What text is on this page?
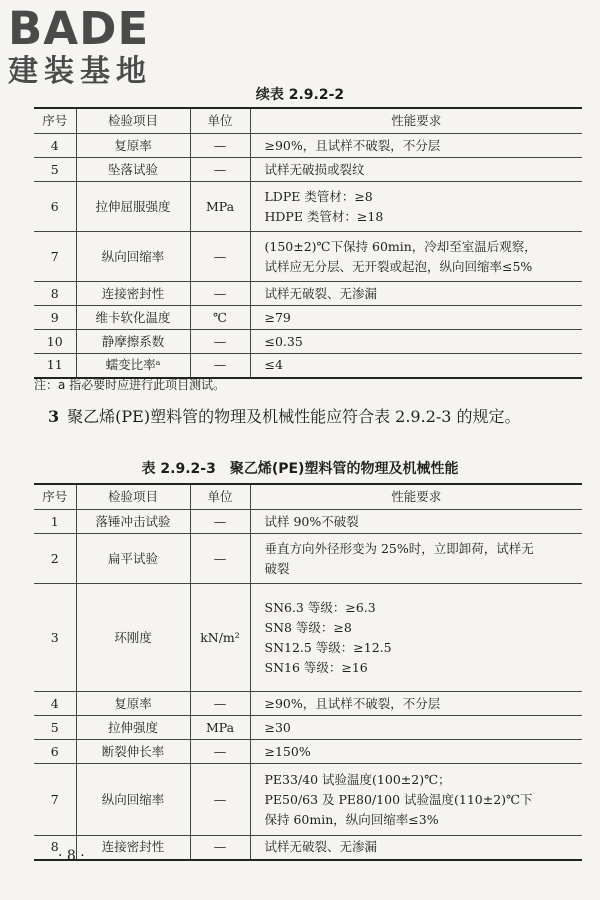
BADE
建装基地
续表 2.9.2-2
序号	检验项目	单位	性能要求
4	复原率	—	≥90%，且试样不破裂，不分层

5	坠落试验	—	试样无破损或裂纹

6	拉伸屈服强度	MPa	LDPE 类管材：≥8
HDPE 类管材：≥18

7	纵向回缩率	—	(150±2)℃下保持 60min，冷却至室温后观察，
试样应无分层、无开裂或起泡，纵向回缩率≤5%

8	连接密封性	—	试样无破裂、无渗漏

9	维卡软化温度	℃	≥79

10	静摩擦系数	—	≤0.35

11	蠕变比率ᵃ	—	≤4
注：a 指必要时应进行此项目测试。
3 聚乙烯(PE)塑料管的物理及机械性能应符合表 2.9.2-3 的规定。
表 2.9.2-3　聚乙烯(PE)塑料管的物理及机械性能
序号	检验项目	单位	性能要求
1	落锤冲击试验	—	试样 90%不破裂

2	扁平试验	—	垂直方向外径形变为 25%时，立即卸荷，试样无
破裂

3	环刚度	kN/m²	SN6.3 等级：≥6.3
SN8 等级：≥8
SN12.5 等级：≥12.5
SN16 等级：≥16

4	复原率	—	≥90%，且试样不破裂，不分层

5	拉伸强度	MPa	≥30

6	断裂伸长率	—	≥150%

7	纵向回缩率	—	PE33/40 试验温度(100±2)℃；
PE50/63 及 PE80/100 试验温度(110±2)℃下
保持 60min，纵向回缩率≤3%

8	连接密封性	—	试样无破裂、无渗漏
· 8 ·
